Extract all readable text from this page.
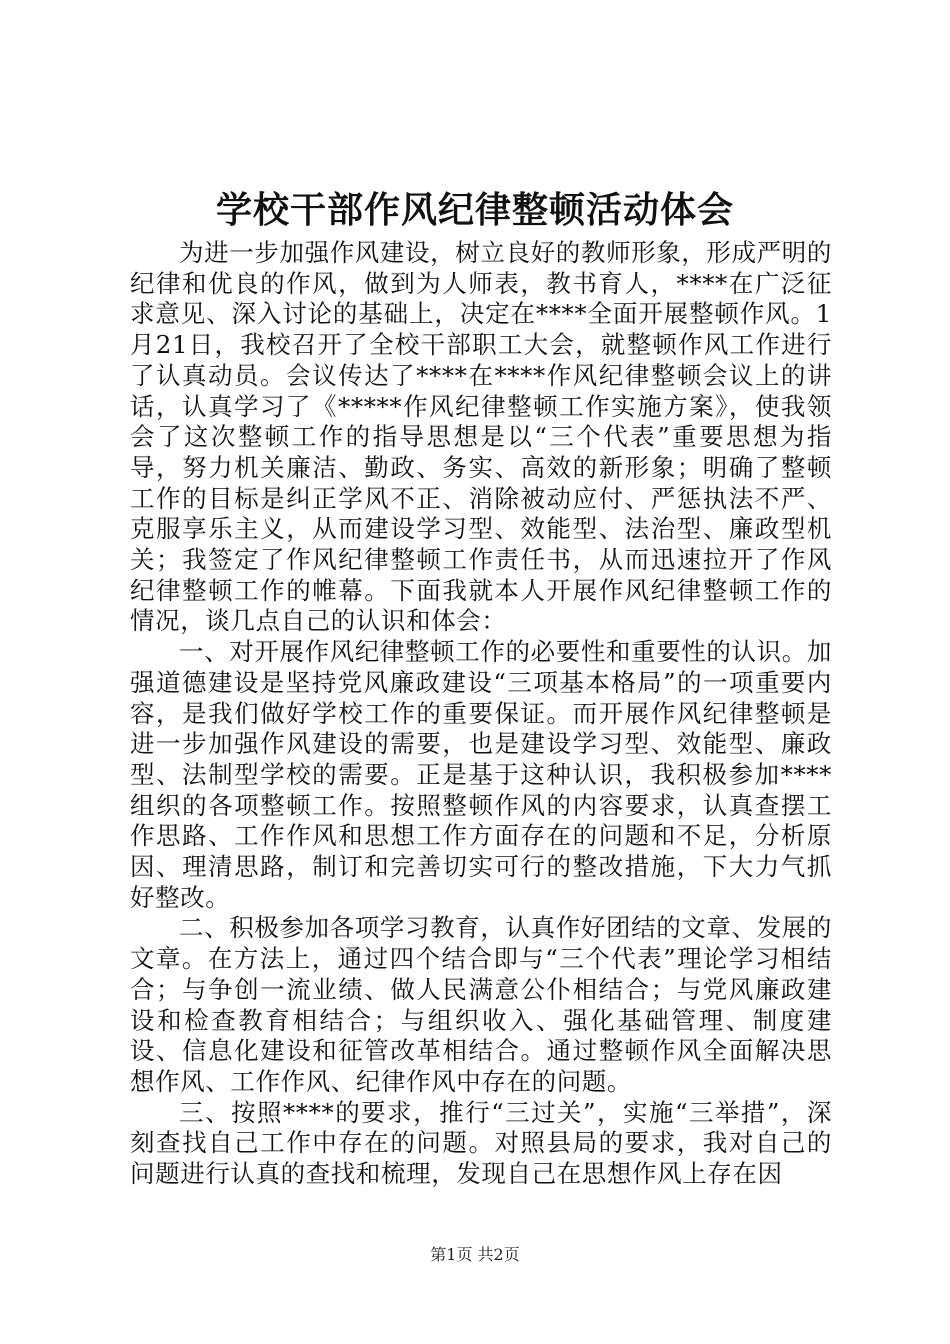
学校干部作风纪律整顿活动体会

为进一步加强作风建设，树立良好的教师形象，形成严明的纪律和优良的作风，做到为人师表，教书育人，****在广泛征求意见、深入讨论的基础上，决定在****全面开展整顿作风。1月21日，我校召开了全校干部职工大会，就整顿作风工作进行了认真动员。会议传达了****在****作风纪律整顿会议上的讲话，认真学习了《*****作风纪律整顿工作实施方案》，使我领会了这次整顿工作的指导思想是以“三个代表”重要思想为指导，努力机关廉洁、勤政、务实、高效的新形象；明确了整顿工作的目标是纠正学风不正、消除被动应付、严惩执法不严、克服享乐主义，从而建设学习型、效能型、法治型、廉政型机关；我签定了作风纪律整顿工作责任书，从而迅速拉开了作风纪律整顿工作的帷幕。下面我就本人开展作风纪律整顿工作的情况，谈几点自己的认识和体会：

一、对开展作风纪律整顿工作的必要性和重要性的认识。加强道德建设是坚持党风廉政建设“三项基本格局”的一项重要内容，是我们做好学校工作的重要保证。而开展作风纪律整顿是进一步加强作风建设的需要，也是建设学习型、效能型、廉政型、法制型学校的需要。正是基于这种认识，我积极参加****组织的各项整顿工作。按照整顿作风的内容要求，认真查摆工作思路、工作作风和思想工作方面存在的问题和不足，分析原因、理清思路，制订和完善切实可行的整改措施，下大力气抓好整改。

二、积极参加各项学习教育，认真作好团结的文章、发展的文章。在方法上，通过四个结合即与“三个代表”理论学习相结合；与争创一流业绩、做人民满意公仆相结合；与党风廉政建设和检查教育相结合；与组织收入、强化基础管理、制度建设、信息化建设和征管改革相结合。通过整顿作风全面解决思想作风、工作作风、纪律作风中存在的问题。

三、按照****的要求，推行“三过关”，实施“三举措”，深刻查找自己工作中存在的问题。对照县局的要求，我对自己的问题进行认真的查找和梳理，发现自己在思想作风上存在因

第1页 共2页
